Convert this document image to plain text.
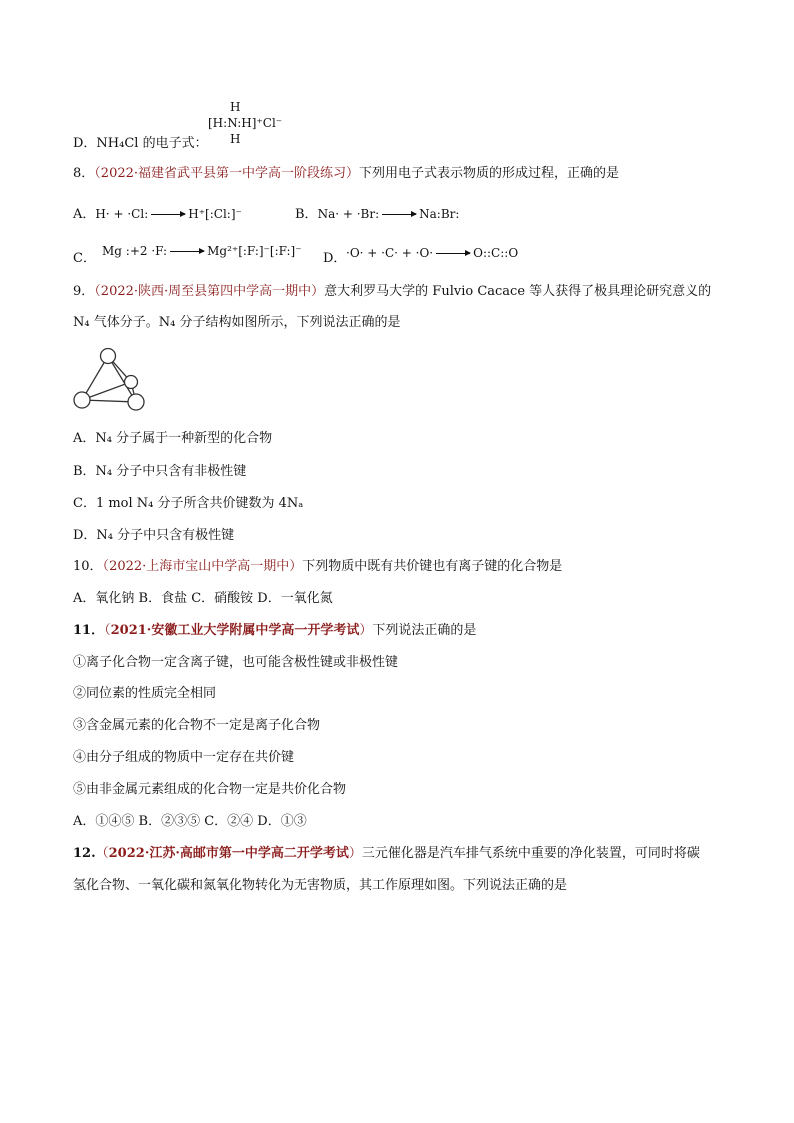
H
[H:N:H]⁺Cl⁻
H
D．NH₄Cl 的电子式：
8．（2022·福建省武平县第一中学高一阶段练习）下列用电子式表示物质的形成过程，正确的是
A．H· + ·Cl: → H⁺[:Cl:]⁻	B．Na· + ·Br: → Na:Br:
C． Mg :+2 ·F: → Mg²⁺[:F:]⁻[:F:]⁻ D． ·O· + ·C· + ·O· → O::C::O
9．（2022·陕西·周至县第四中学高一期中）意大利罗马大学的 Fulvio Cacace 等人获得了极具理论研究意义的
N₄ 气体分子。N₄ 分子结构如图所示，下列说法正确的是
A．N₄ 分子属于一种新型的化合物
B．N₄ 分子中只含有非极性键
C．1 mol N₄ 分子所含共价键数为 4Nₐ
D．N₄ 分子中只含有极性键
10．（2022·上海市宝山中学高一期中）下列物质中既有共价键也有离子键的化合物是
A．氧化钠 B．食盐 C．硝酸铵 D．一氧化氮
11．（2021·安徽工业大学附属中学高一开学考试）下列说法正确的是
①离子化合物一定含离子键，也可能含极性键或非极性键
②同位素的性质完全相同
③含金属元素的化合物不一定是离子化合物
④由分子组成的物质中一定存在共价键
⑤由非金属元素组成的化合物一定是共价化合物
A．①④⑤ B．②③⑤ C．②④ D．①③
12.（2022·江苏·高邮市第一中学高二开学考试）三元催化器是汽车排气系统中重要的净化装置，可同时将碳
氢化合物、一氧化碳和氮氧化物转化为无害物质，其工作原理如图。下列说法正确的是
